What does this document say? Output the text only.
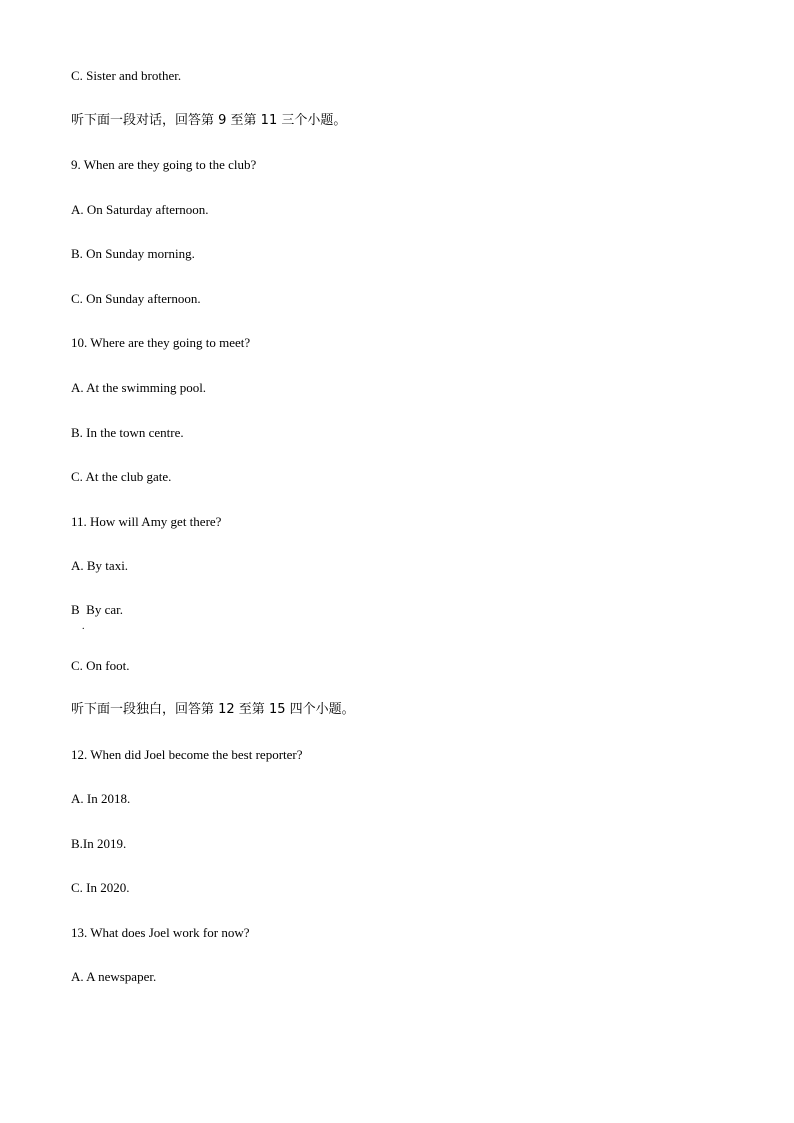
C. Sister and brother.
听下面一段对话，回答第 9 至第 11 三个小题。
9. When are they going to the club?
A. On Saturday afternoon.
B. On Sunday morning.
C. On Sunday afternoon.
10. Where are they going to meet?
A. At the swimming pool.
B. In the town centre.
C. At the club gate.
11. How will Amy get there?
A. By taxi.
B  By car.
.
C. On foot.
听下面一段独白，回答第 12 至第 15 四个小题。
12. When did Joel become the best reporter?
A. In 2018.
B.In 2019.
C. In 2020.
13. What does Joel work for now?
A. A newspaper.
